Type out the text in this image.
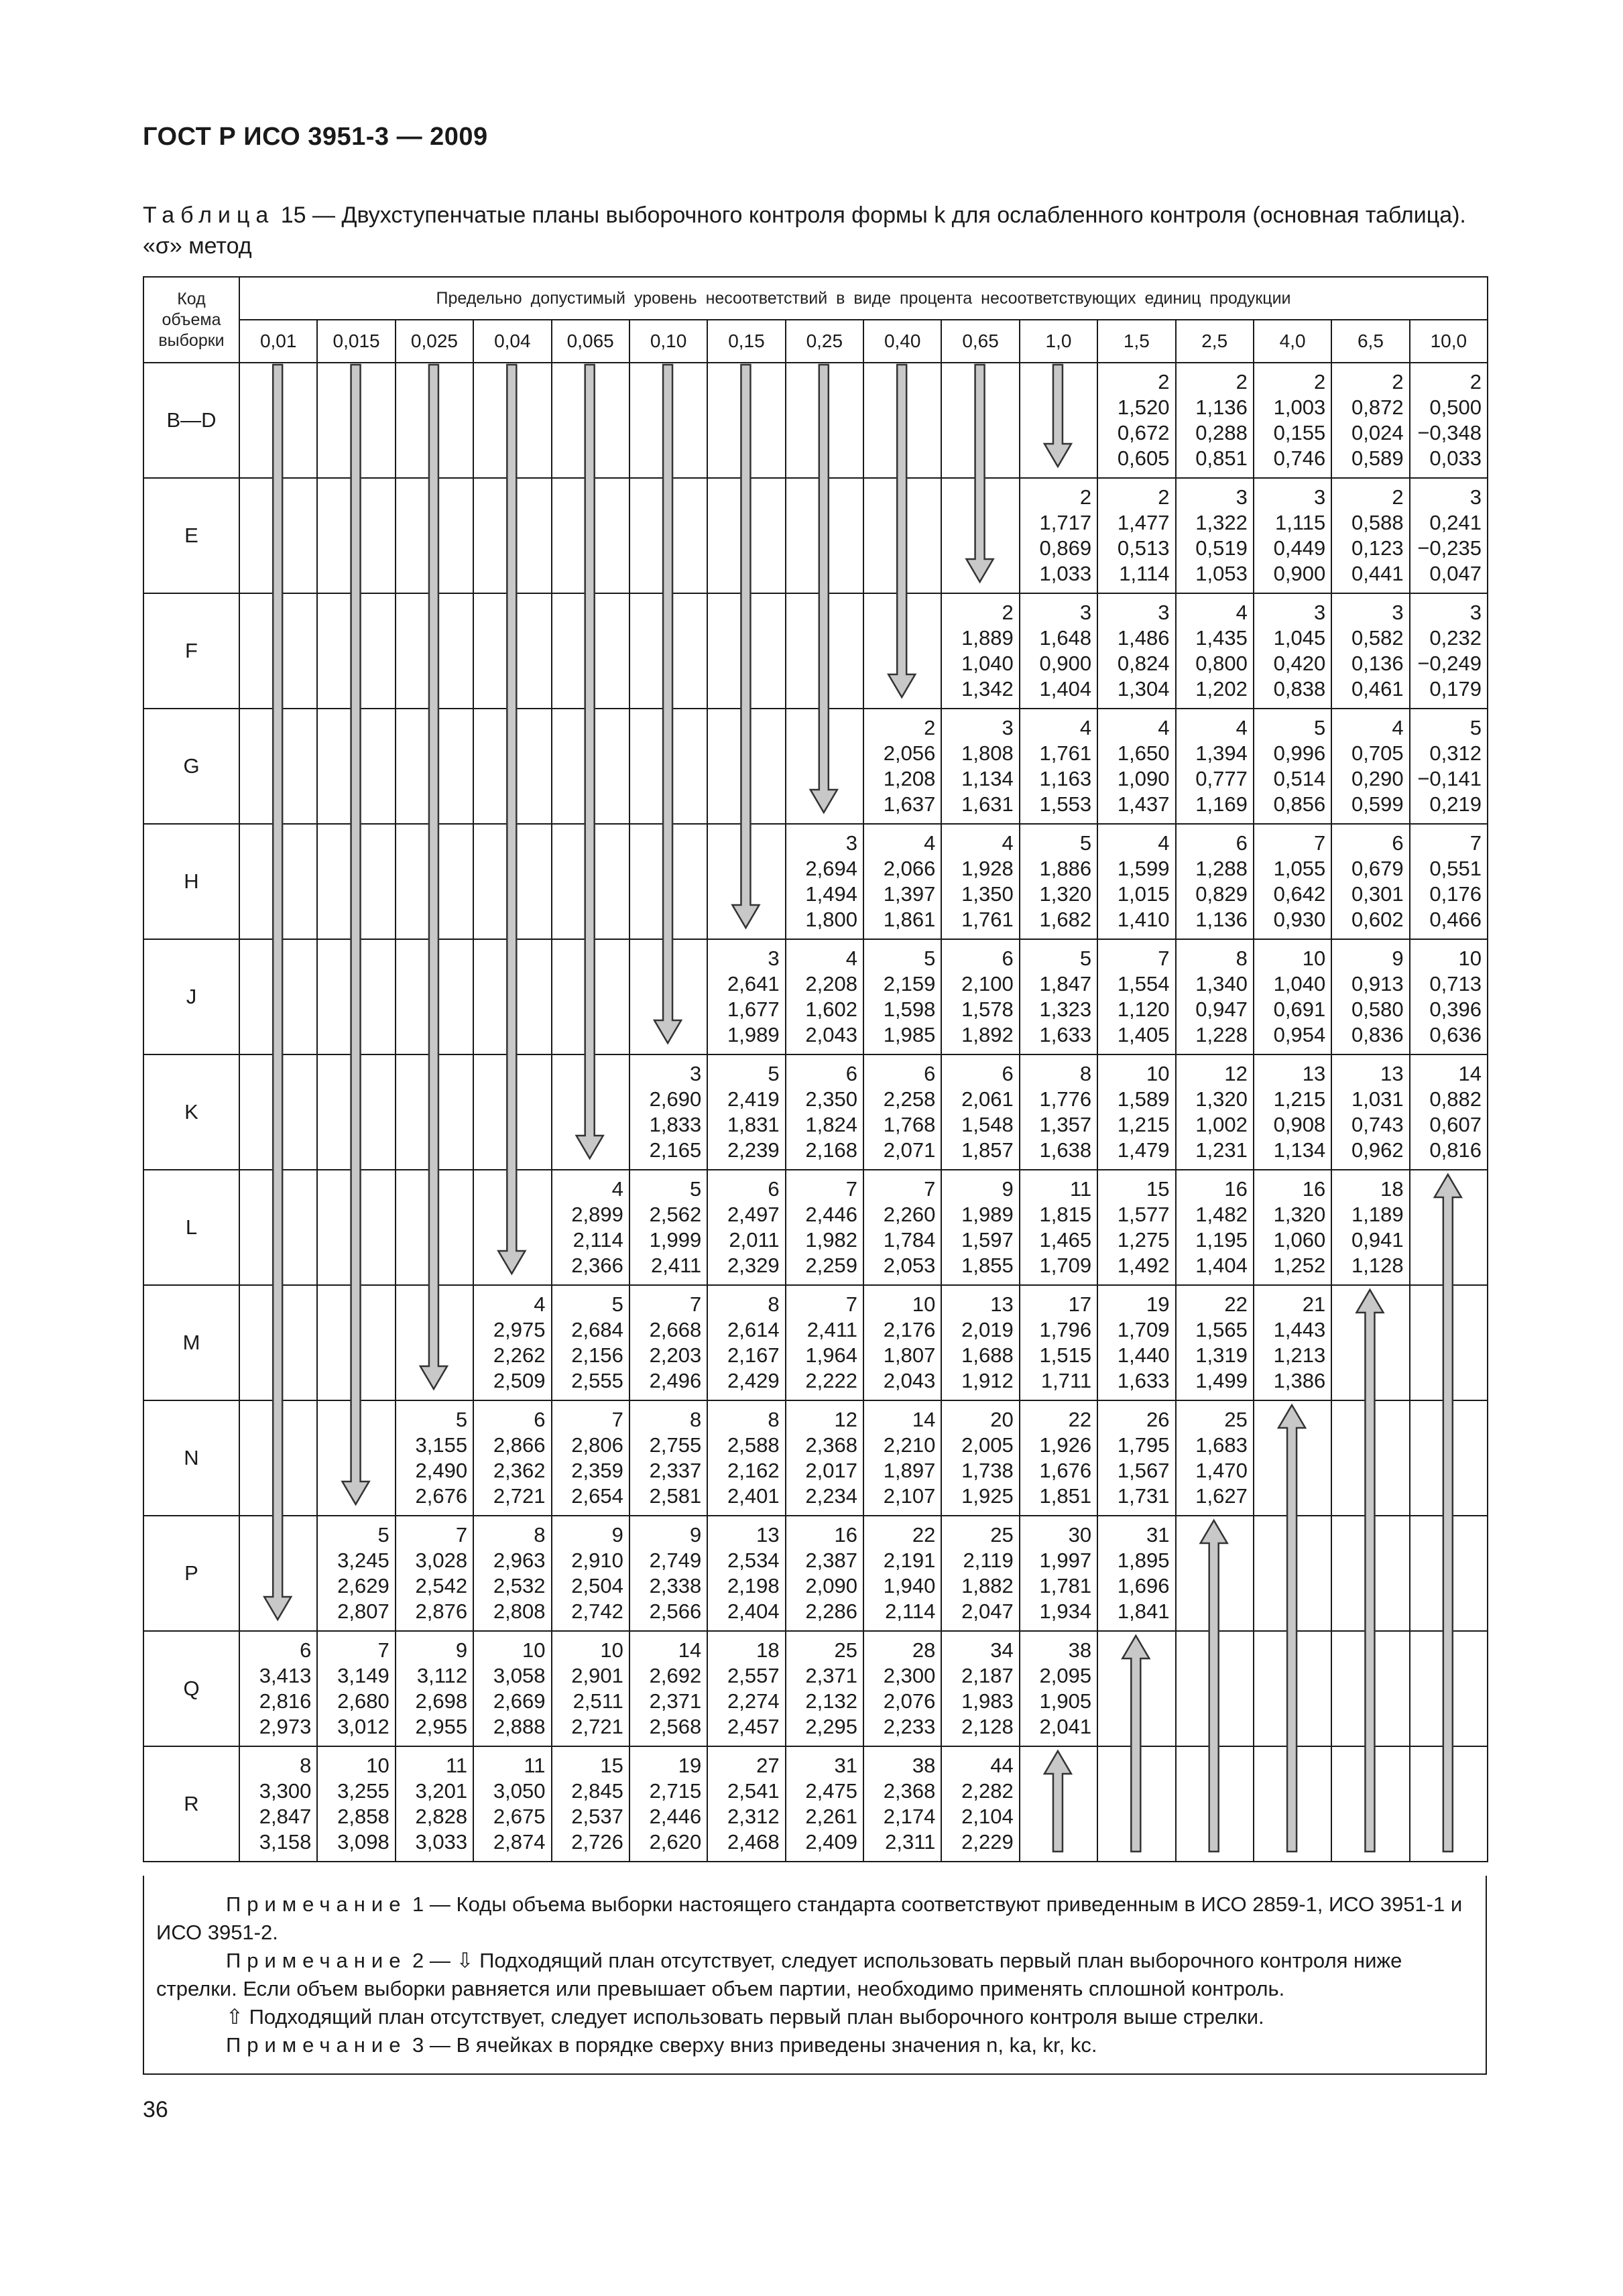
ГОСТ Р ИСО 3951-3 — 2009
Таблица 15 — Двухступенчатые планы выборочного контроля формы k для ослабленного контроля (основная таблица). «σ» метод
Код
объема
выборки	Предельно допустимый уровень несоответствий в виде процента несоответствующих единиц продукции															
	0,01	0,015	0,025	0,04	0,065	0,10	0,15	0,25	0,40	0,65	1,0	1,5	2,5	4,0	6,5	10,0
B—D												2
1,520
0,672
0,605	2
1,136
0,288
0,851	2
1,003
0,155
0,746	2
0,872
0,024
0,589	2
0,500
−0,348
0,033

E											2
1,717
0,869
1,033	2
1,477
0,513
1,114	3
1,322
0,519
1,053	3
1,115
0,449
0,900	2
0,588
0,123
0,441	3
0,241
−0,235
0,047

F										2
1,889
1,040
1,342	3
1,648
0,900
1,404	3
1,486
0,824
1,304	4
1,435
0,800
1,202	3
1,045
0,420
0,838	3
0,582
0,136
0,461	3
0,232
−0,249
0,179

G									2
2,056
1,208
1,637	3
1,808
1,134
1,631	4
1,761
1,163
1,553	4
1,650
1,090
1,437	4
1,394
0,777
1,169	5
0,996
0,514
0,856	4
0,705
0,290
0,599	5
0,312
−0,141
0,219

H								3
2,694
1,494
1,800	4
2,066
1,397
1,861	4
1,928
1,350
1,761	5
1,886
1,320
1,682	4
1,599
1,015
1,410	6
1,288
0,829
1,136	7
1,055
0,642
0,930	6
0,679
0,301
0,602	7
0,551
0,176
0,466

J							3
2,641
1,677
1,989	4
2,208
1,602
2,043	5
2,159
1,598
1,985	6
2,100
1,578
1,892	5
1,847
1,323
1,633	7
1,554
1,120
1,405	8
1,340
0,947
1,228	10
1,040
0,691
0,954	9
0,913
0,580
0,836	10
0,713
0,396
0,636

K						3
2,690
1,833
2,165	5
2,419
1,831
2,239	6
2,350
1,824
2,168	6
2,258
1,768
2,071	6
2,061
1,548
1,857	8
1,776
1,357
1,638	10
1,589
1,215
1,479	12
1,320
1,002
1,231	13
1,215
0,908
1,134	13
1,031
0,743
0,962	14
0,882
0,607
0,816

L					4
2,899
2,114
2,366	5
2,562
1,999
2,411	6
2,497
2,011
2,329	7
2,446
1,982
2,259	7
2,260
1,784
2,053	9
1,989
1,597
1,855	11
1,815
1,465
1,709	15
1,577
1,275
1,492	16
1,482
1,195
1,404	16
1,320
1,060
1,252	18
1,189
0,941
1,128	

M				4
2,975
2,262
2,509	5
2,684
2,156
2,555	7
2,668
2,203
2,496	8
2,614
2,167
2,429	7
2,411
1,964
2,222	10
2,176
1,807
2,043	13
2,019
1,688
1,912	17
1,796
1,515
1,711	19
1,709
1,440
1,633	22
1,565
1,319
1,499	21
1,443
1,213
1,386		

N			5
3,155
2,490
2,676	6
2,866
2,362
2,721	7
2,806
2,359
2,654	8
2,755
2,337
2,581	8
2,588
2,162
2,401	12
2,368
2,017
2,234	14
2,210
1,897
2,107	20
2,005
1,738
1,925	22
1,926
1,676
1,851	26
1,795
1,567
1,731	25
1,683
1,470
1,627			

P		5
3,245
2,629
2,807	7
3,028
2,542
2,876	8
2,963
2,532
2,808	9
2,910
2,504
2,742	9
2,749
2,338
2,566	13
2,534
2,198
2,404	16
2,387
2,090
2,286	22
2,191
1,940
2,114	25
2,119
1,882
2,047	30
1,997
1,781
1,934	31
1,895
1,696
1,841				

Q	6
3,413
2,816
2,973	7
3,149
2,680
3,012	9
3,112
2,698
2,955	10
3,058
2,669
2,888	10
2,901
2,511
2,721	14
2,692
2,371
2,568	18
2,557
2,274
2,457	25
2,371
2,132
2,295	28
2,300
2,076
2,233	34
2,187
1,983
2,128	38
2,095
1,905
2,041					

R	8
3,300
2,847
3,158	10
3,255
2,858
3,098	11
3,201
2,828
3,033	11
3,050
2,675
2,874	15
2,845
2,537
2,726	19
2,715
2,446
2,620	27
2,541
2,312
2,468	31
2,475
2,261
2,409	38
2,368
2,174
2,311	44
2,282
2,104
2,229						

Примечание 1 — Коды объема выборки настоящего стандарта соответствуют приведенным в ИСО 2859-1, ИСО 3951-1 и ИСО 3951-2.

Примечание 2 — ⇩ Подходящий план отсутствует, следует использовать первый план выборочного контроля ниже стрелки. Если объем выборки равняется или превышает объем партии, необходимо применять сплошной контроль.

⇧ Подходящий план отсутствует, следует использовать первый план выборочного контроля выше стрелки.

Примечание 3 — В ячейках в порядке сверху вниз приведены значения n, ka, kr, kc.

36
